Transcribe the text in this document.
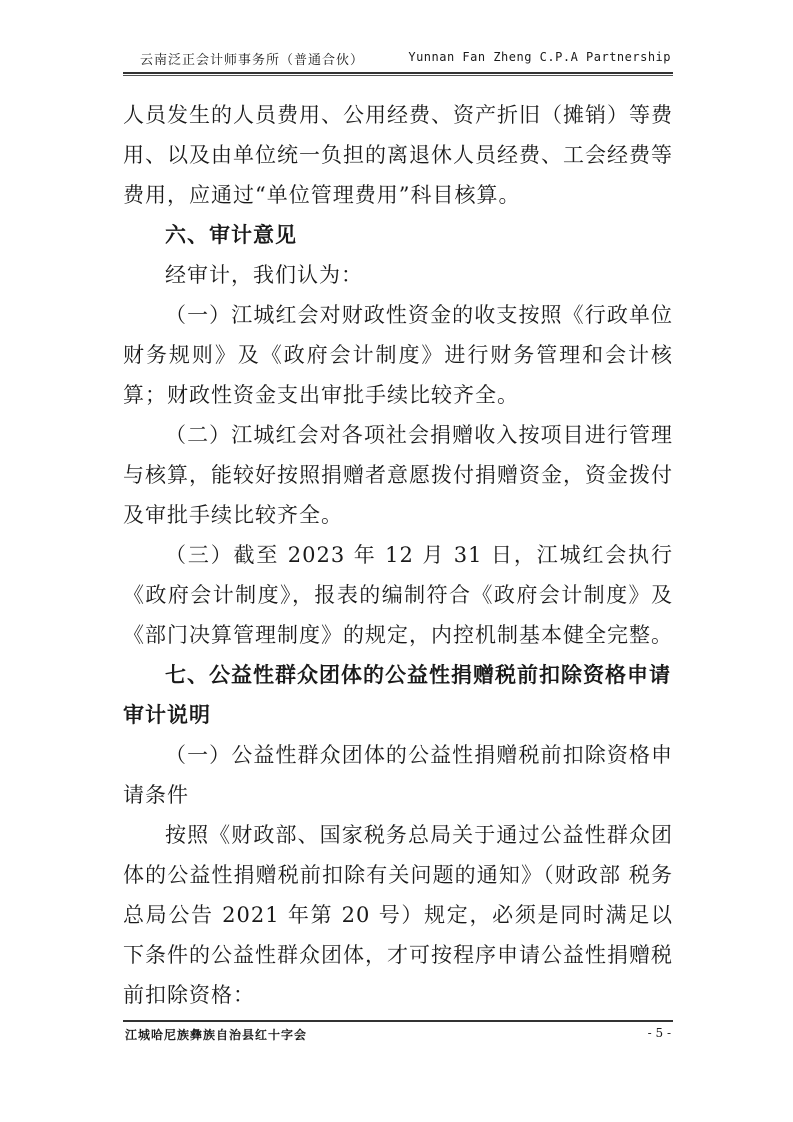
云南泛正会计师事务所（普通合伙）	Yunnan Fan Zheng C.P.A Partnership

人员发生的人员费用、公用经费、资产折旧（摊销）等费用、以及由单位统一负担的离退休人员经费、工会经费等费用，应通过“单位管理费用”科目核算。

六、审计意见

经审计，我们认为：

（一）江城红会对财政性资金的收支按照《行政单位财务规则》及《政府会计制度》进行财务管理和会计核算；财政性资金支出审批手续比较齐全。

（二）江城红会对各项社会捐赠收入按项目进行管理与核算，能较好按照捐赠者意愿拨付捐赠资金，资金拨付及审批手续比较齐全。

（三）截至 2023 年 12 月 31 日，江城红会执行《政府会计制度》，报表的编制符合《政府会计制度》及《部门决算管理制度》的规定，内控机制基本健全完整。

七、公益性群众团体的公益性捐赠税前扣除资格申请审计说明

（一）公益性群众团体的公益性捐赠税前扣除资格申请条件

按照《财政部、国家税务总局关于通过公益性群众团体的公益性捐赠税前扣除有关问题的通知》（财政部 税务总局公告 2021 年第 20 号）规定，必须是同时满足以下条件的公益性群众团体，才可按程序申请公益性捐赠税前扣除资格：

江城哈尼族彝族自治县红十字会	- 5 -
